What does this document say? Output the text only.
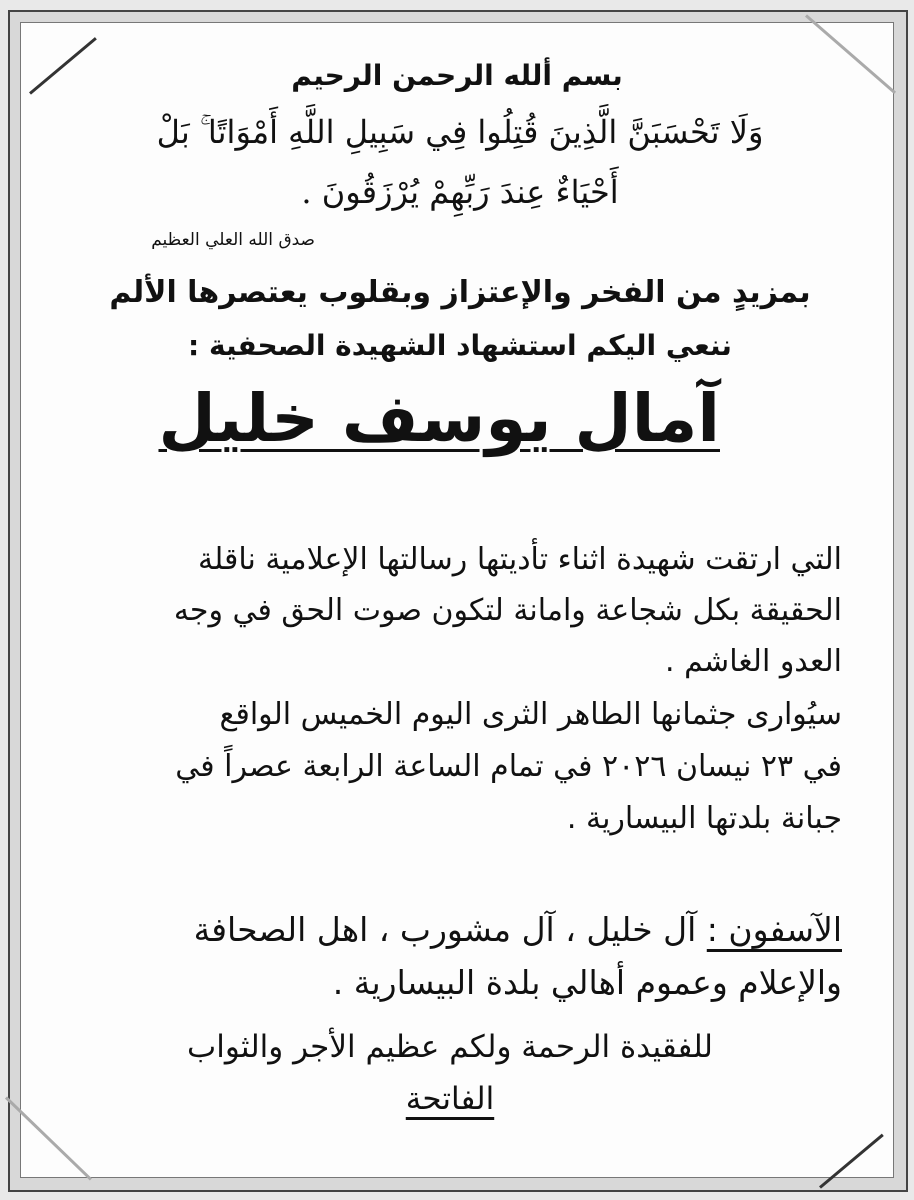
بسم ألله الرحمن الرحيم

وَلَا تَحْسَبَنَّ الَّذِينَ قُتِلُوا فِي سَبِيلِ اللَّهِ أَمْوَاتًا ۚ بَلْ

أَحْيَاءٌ عِندَ رَبِّهِمْ يُرْزَقُونَ .

صدق الله العلي العظيم

بمزيدٍ من الفخر والإعتزاز وبقلوب يعتصرها الألم

ننعي اليكم استشهاد الشهيدة الصحفية :

آمال يوسف خليل

التي ارتقت شهيدة اثناء تأديتها رسالتها الإعلامية ناقلة

الحقيقة بكل شجاعة وامانة لتكون صوت الحق في وجه

العدو الغاشم .

سيُوارى جثمانها الطاهر الثرى اليوم الخميس الواقع

في ٢٣ نيسان ٢٠٢٦ في تمام الساعة الرابعة عصراً في

جبانة بلدتها البيسارية .

الآسفون : آل خليل ، آل مشورب ، اهل الصحافة

والإعلام وعموم أهالي بلدة البيسارية .

للفقيدة الرحمة ولكم عظيم الأجر والثواب

الفاتحة
